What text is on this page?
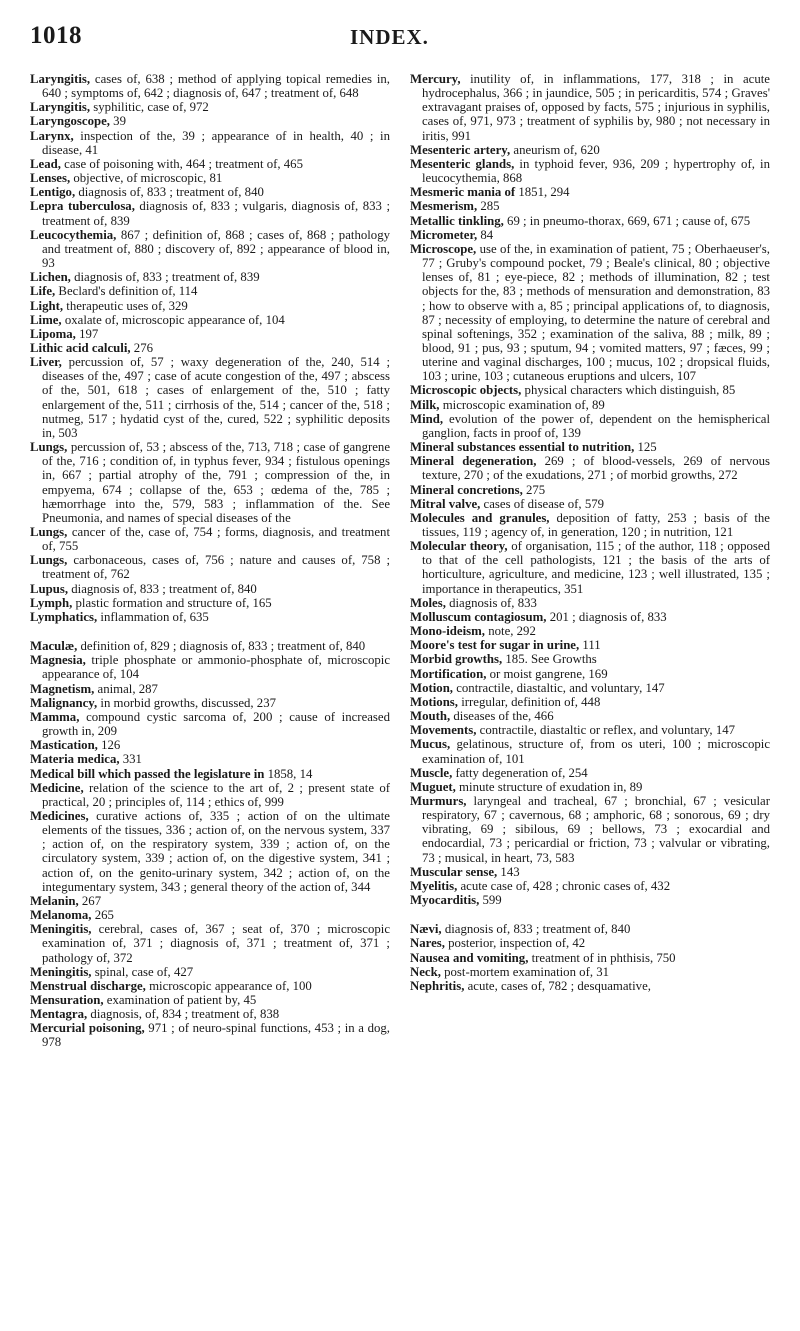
1018	INDEX.

Laryngitis, cases of, 638 ; method of applying topical remedies in, 640 ; symptoms of, 642 ; diagnosis of, 647 ; treatment of, 648

Laryngitis, syphilitic, case of, 972

Laryngoscope, 39

Larynx, inspection of the, 39 ; appearance of in health, 40 ; in disease, 41

Lead, case of poisoning with, 464 ; treatment of, 465

Lenses, objective, of microscopic, 81

Lentigo, diagnosis of, 833 ; treatment of, 840

Lepra tuberculosa, diagnosis of, 833 ; vulgaris, diagnosis of, 833 ; treatment of, 839

Leucocythemia, 867 ; definition of, 868 ; cases of, 868 ; pathology and treatment of, 880 ; discovery of, 892 ; appearance of blood in, 93

Lichen, diagnosis of, 833 ; treatment of, 839

Life, Beclard's definition of, 114

Light, therapeutic uses of, 329

Lime, oxalate of, microscopic appearance of, 104

Lipoma, 197

Lithic acid calculi, 276

Liver, percussion of, 57 ; waxy degeneration of the, 240, 514 ; diseases of the, 497 ; case of acute congestion of the, 497 ; abscess of the, 501, 618 ; cases of enlargement of the, 510 ; fatty enlargement of the, 511 ; cirrhosis of the, 514 ; cancer of the, 518 ; nutmeg, 517 ; hydatid cyst of the, cured, 522 ; syphilitic deposits in, 503

Lungs, percussion of, 53 ; abscess of the, 713, 718 ; case of gangrene of the, 716 ; condition of, in typhus fever, 934 ; fistulous openings in, 667 ; partial atrophy of the, 791 ; compression of the, in empyema, 674 ; collapse of the, 653 ; œdema of the, 785 ; hæmorrhage into the, 579, 583 ; inflammation of the. See Pneumonia, and names of special diseases of the

Lungs, cancer of the, case of, 754 ; forms, diagnosis, and treatment of, 755

Lungs, carbonaceous, cases of, 756 ; nature and causes of, 758 ; treatment of, 762

Lupus, diagnosis of, 833 ; treatment of, 840

Lymph, plastic formation and structure of, 165

Lymphatics, inflammation of, 635

Maculæ, definition of, 829 ; diagnosis of, 833 ; treatment of, 840

Magnesia, triple phosphate or ammonio-phosphate of, microscopic appearance of, 104

Magnetism, animal, 287

Malignancy, in morbid growths, discussed, 237

Mamma, compound cystic sarcoma of, 200 ; cause of increased growth in, 209

Mastication, 126

Materia medica, 331

Medical bill which passed the legislature in 1858, 14

Medicine, relation of the science to the art of, 2 ; present state of practical, 20 ; principles of, 114 ; ethics of, 999

Medicines, curative actions of, 335 ; action of on the ultimate elements of the tissues, 336 ; action of, on the nervous system, 337 ; action of, on the respiratory system, 339 ; action of, on the circulatory system, 339 ; action of, on the digestive system, 341 ; action of, on the genito-urinary system, 342 ; action of, on the integumentary system, 343 ; general theory of the action of, 344

Melanin, 267

Melanoma, 265

Meningitis, cerebral, cases of, 367 ; seat of, 370 ; microscopic examination of, 371 ; diagnosis of, 371 ; treatment of, 371 ; pathology of, 372

Meningitis, spinal, case of, 427

Menstrual discharge, microscopic appearance of, 100

Mensuration, examination of patient by, 45

Mentagra, diagnosis, of, 834 ; treatment of, 838

Mercurial poisoning, 971 ; of neuro-spinal functions, 453 ; in a dog, 978

Mercury, inutility of, in inflammations, 177, 318 ; in acute hydrocephalus, 366 ; in jaundice, 505 ; in pericarditis, 574 ; Graves' extravagant praises of, opposed by facts, 575 ; injurious in syphilis, cases of, 971, 973 ; treatment of syphilis by, 980 ; not necessary in iritis, 991

Mesenteric artery, aneurism of, 620

Mesenteric glands, in typhoid fever, 936, 209 ; hypertrophy of, in leucocythemia, 868

Mesmeric mania of 1851, 294

Mesmerism, 285

Metallic tinkling, 69 ; in pneumo-thorax, 669, 671 ; cause of, 675

Micrometer, 84

Microscope, use of the, in examination of patient, 75 ; Oberhaeuser's, 77 ; Gruby's compound pocket, 79 ; Beale's clinical, 80 ; objective lenses of, 81 ; eye-piece, 82 ; methods of illumination, 82 ; test objects for the, 83 ; methods of mensuration and demonstration, 83 ; how to observe with a, 85 ; principal applications of, to diagnosis, 87 ; necessity of employing, to determine the nature of cerebral and spinal softenings, 352 ; examination of the saliva, 88 ; milk, 89 ; blood, 91 ; pus, 93 ; sputum, 94 ; vomited matters, 97 ; fæces, 99 ; uterine and vaginal discharges, 100 ; mucus, 102 ; dropsical fluids, 103 ; urine, 103 ; cutaneous eruptions and ulcers, 107

Microscopic objects, physical characters which distinguish, 85

Milk, microscopic examination of, 89

Mind, evolution of the power of, dependent on the hemispherical ganglion, facts in proof of, 139

Mineral substances essential to nutrition, 125

Mineral degeneration, 269 ; of blood-vessels, 269 of nervous texture, 270 ; of the exudations, 271 ; of morbid growths, 272

Mineral concretions, 275

Mitral valve, cases of disease of, 579

Molecules and granules, deposition of fatty, 253 ; basis of the tissues, 119 ; agency of, in generation, 120 ; in nutrition, 121

Molecular theory, of organisation, 115 ; of the author, 118 ; opposed to that of the cell pathologists, 121 ; the basis of the arts of horticulture, agriculture, and medicine, 123 ; well illustrated, 135 ; importance in therapeutics, 351

Moles, diagnosis of, 833

Molluscum contagiosum, 201 ; diagnosis of, 833

Mono-ideism, note, 292

Moore's test for sugar in urine, 111

Morbid growths, 185. See Growths

Mortification, or moist gangrene, 169

Motion, contractile, diastaltic, and voluntary, 147

Motions, irregular, definition of, 448

Mouth, diseases of the, 466

Movements, contractile, diastaltic or reflex, and voluntary, 147

Mucus, gelatinous, structure of, from os uteri, 100 ; microscopic examination of, 101

Muscle, fatty degeneration of, 254

Muguet, minute structure of exudation in, 89

Murmurs, laryngeal and tracheal, 67 ; bronchial, 67 ; vesicular respiratory, 67 ; cavernous, 68 ; amphoric, 68 ; sonorous, 69 ; dry vibrating, 69 ; sibilous, 69 ; bellows, 73 ; exocardial and endocardial, 73 ; pericardial or friction, 73 ; valvular or vibrating, 73 ; musical, in heart, 73, 583

Muscular sense, 143

Myelitis, acute case of, 428 ; chronic cases of, 432

Myocarditis, 599

Nævi, diagnosis of, 833 ; treatment of, 840

Nares, posterior, inspection of, 42

Nausea and vomiting, treatment of in phthisis, 750

Neck, post-mortem examination of, 31

Nephritis, acute, cases of, 782 ; desquamative,
